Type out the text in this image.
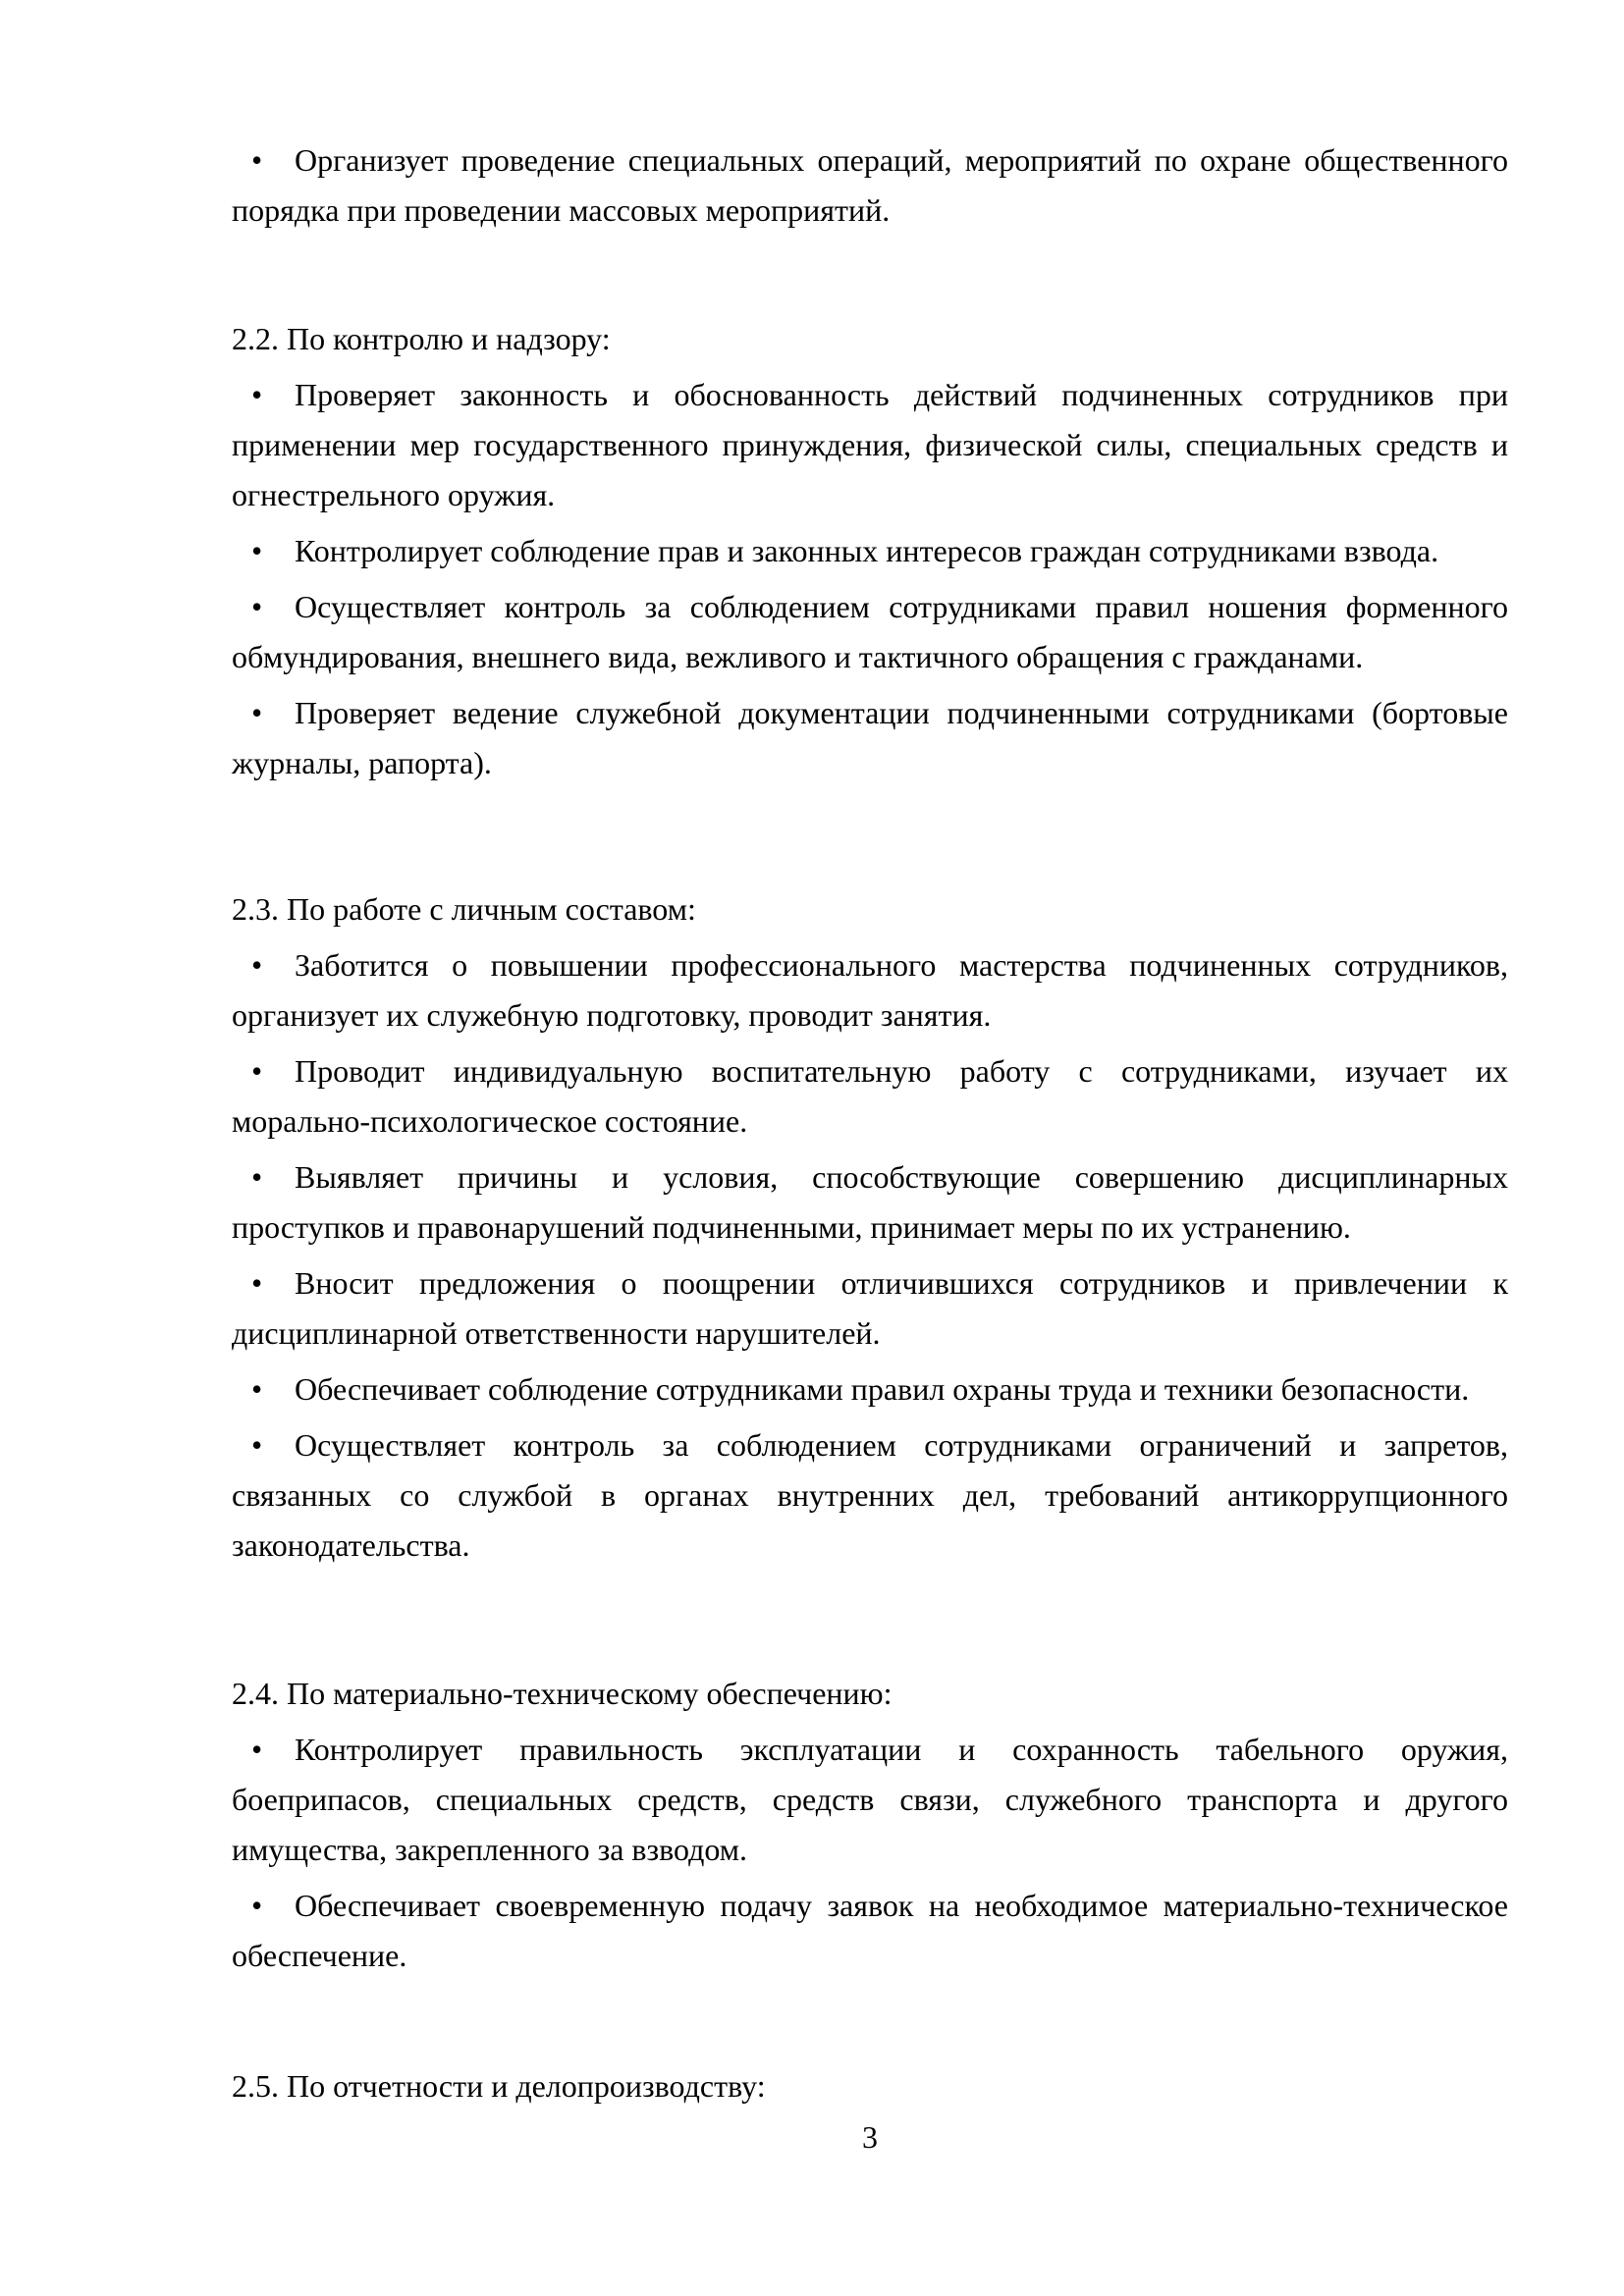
• Организует проведение специальных операций, мероприятий по охране общественного порядка при проведении массовых мероприятий.

2.2. По контролю и надзору:

• Проверяет законность и обоснованность действий подчиненных сотрудников при применении мер государственного принуждения, физической силы, специальных средств и огнестрельного оружия.

• Контролирует соблюдение прав и законных интересов граждан сотрудниками взвода.

• Осуществляет контроль за соблюдением сотрудниками правил ношения форменного обмундирования, внешнего вида, вежливого и тактичного обращения с гражданами.

• Проверяет ведение служебной документации подчиненными сотрудниками (бортовые журналы, рапорта).

2.3. По работе с личным составом:

• Заботится о повышении профессионального мастерства подчиненных сотрудников, организует их служебную подготовку, проводит занятия.

• Проводит индивидуальную воспитательную работу с сотрудниками, изучает их морально-психологическое состояние.

• Выявляет причины и условия, способствующие совершению дисциплинарных проступков и правонарушений подчиненными, принимает меры по их устранению.

• Вносит предложения о поощрении отличившихся сотрудников и привлечении к дисциплинарной ответственности нарушителей.

• Обеспечивает соблюдение сотрудниками правил охраны труда и техники безопасности.

• Осуществляет контроль за соблюдением сотрудниками ограничений и запретов, связанных со службой в органах внутренних дел, требований антикоррупционного законодательства.

2.4. По материально-техническому обеспечению:

• Контролирует правильность эксплуатации и сохранность табельного оружия, боеприпасов, специальных средств, средств связи, служебного транспорта и другого имущества, закрепленного за взводом.

• Обеспечивает своевременную подачу заявок на необходимое материально-техническое обеспечение.

2.5. По отчетности и делопроизводству:

3
